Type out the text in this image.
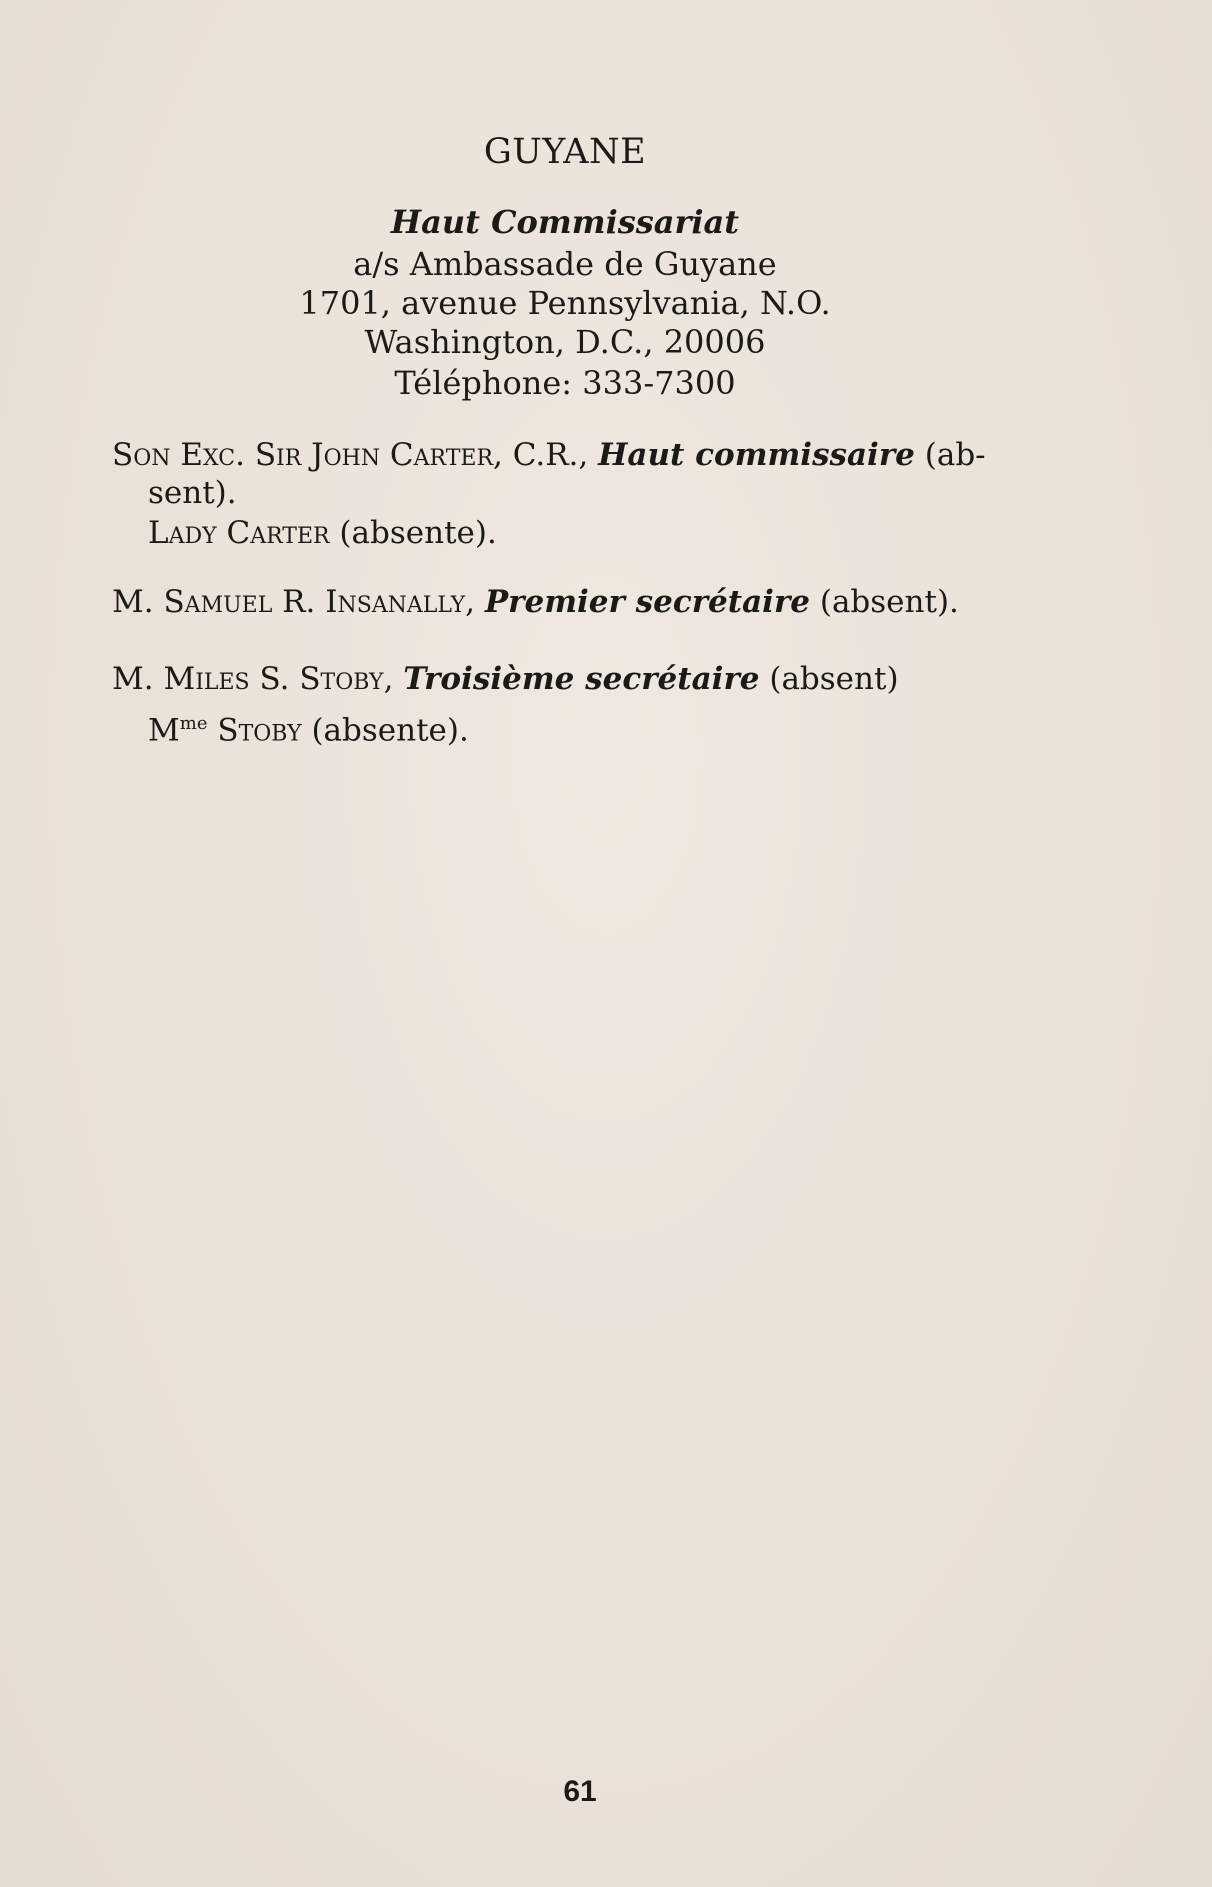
GUYANE
Haut Commissariat
a/s Ambassade de Guyane
1701, avenue Pennsylvania, N.O.
Washington, D.C., 20006
Téléphone: 333-7300
Son Exc. Sir John Carter, C.R., Haut commissaire (ab-
sent).
Lady Carter (absente).
M. Samuel R. Insanally, Premier secrétaire (absent).
M. Miles S. Stoby, Troisième secrétaire (absent)
$M^{me}$ Stoby (absente).
61
